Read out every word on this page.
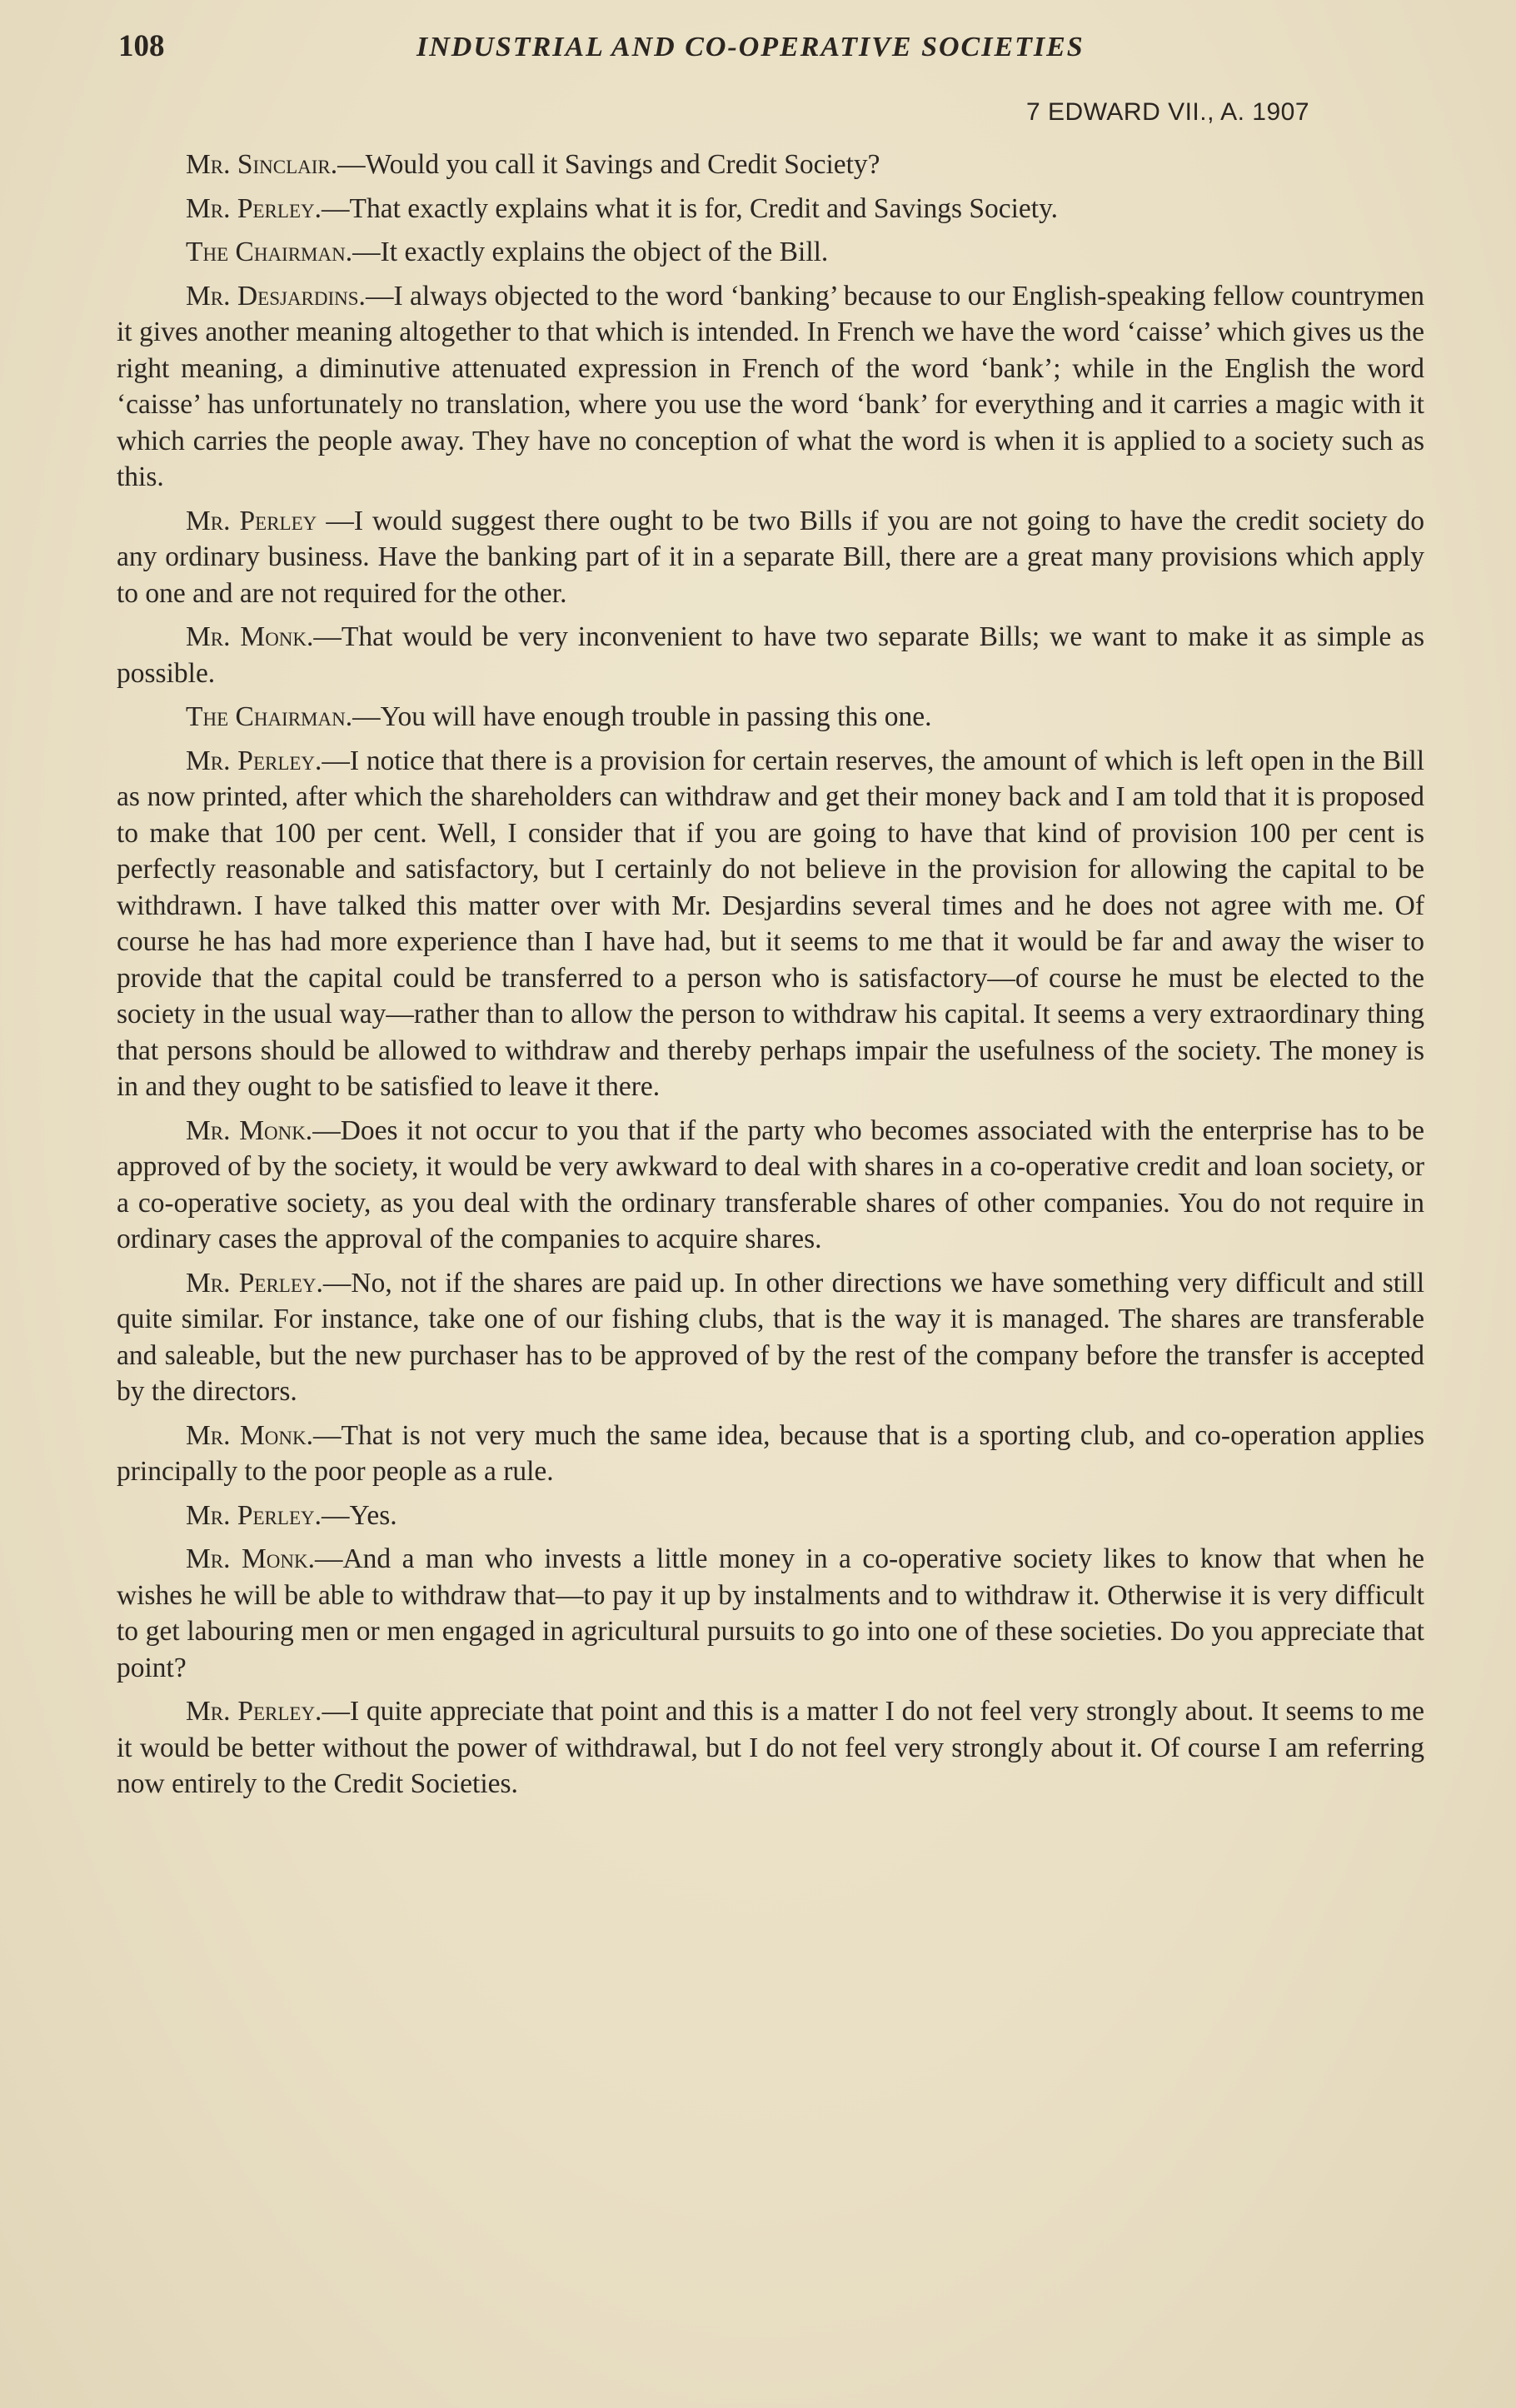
108	INDUSTRIAL AND CO-OPERATIVE SOCIETIES
7 EDWARD VII., A. 1907

Mr. Sinclair.—Would you call it Savings and Credit Society?

Mr. Perley.—That exactly explains what it is for, Credit and Savings Society.

The Chairman.—It exactly explains the object of the Bill.

Mr. Desjardins.—I always objected to the word ‘banking’ because to our English-speaking fellow countrymen it gives another meaning altogether to that which is intended. In French we have the word ‘caisse’ which gives us the right meaning, a diminutive attenuated expression in French of the word ‘bank’; while in the English the word ‘caisse’ has unfortunately no translation, where you use the word ‘bank’ for everything and it carries a magic with it which carries the people away. They have no conception of what the word is when it is applied to a society such as this.

Mr. Perley —I would suggest there ought to be two Bills if you are not going to have the credit society do any ordinary business. Have the banking part of it in a separate Bill, there are a great many provisions which apply to one and are not required for the other.

Mr. Monk.—That would be very inconvenient to have two separate Bills; we want to make it as simple as possible.

The Chairman.—You will have enough trouble in passing this one.

Mr. Perley.—I notice that there is a provision for certain reserves, the amount of which is left open in the Bill as now printed, after which the shareholders can withdraw and get their money back and I am told that it is proposed to make that 100 per cent. Well, I consider that if you are going to have that kind of provision 100 per cent is perfectly reasonable and satisfactory, but I certainly do not believe in the provision for allowing the capital to be withdrawn. I have talked this matter over with Mr. Desjardins several times and he does not agree with me. Of course he has had more experience than I have had, but it seems to me that it would be far and away the wiser to provide that the capital could be transferred to a person who is satisfactory—of course he must be elected to the society in the usual way—rather than to allow the person to withdraw his capital. It seems a very extraordinary thing that persons should be allowed to withdraw and thereby perhaps impair the usefulness of the society. The money is in and they ought to be satisfied to leave it there.

Mr. Monk.—Does it not occur to you that if the party who becomes associated with the enterprise has to be approved of by the society, it would be very awkward to deal with shares in a co-operative credit and loan society, or a co-operative society, as you deal with the ordinary transferable shares of other companies. You do not require in ordinary cases the approval of the companies to acquire shares.

Mr. Perley.—No, not if the shares are paid up. In other directions we have something very difficult and still quite similar. For instance, take one of our fishing clubs, that is the way it is managed. The shares are transferable and saleable, but the new purchaser has to be approved of by the rest of the company before the transfer is accepted by the directors.

Mr. Monk.—That is not very much the same idea, because that is a sporting club, and co-operation applies principally to the poor people as a rule.

Mr. Perley.—Yes.

Mr. Monk.—And a man who invests a little money in a co-operative society likes to know that when he wishes he will be able to withdraw that—to pay it up by instalments and to withdraw it. Otherwise it is very difficult to get labouring men or men engaged in agricultural pursuits to go into one of these societies. Do you appreciate that point?

Mr. Perley.—I quite appreciate that point and this is a matter I do not feel very strongly about. It seems to me it would be better without the power of withdrawal, but I do not feel very strongly about it. Of course I am referring now entirely to the Credit Societies.
